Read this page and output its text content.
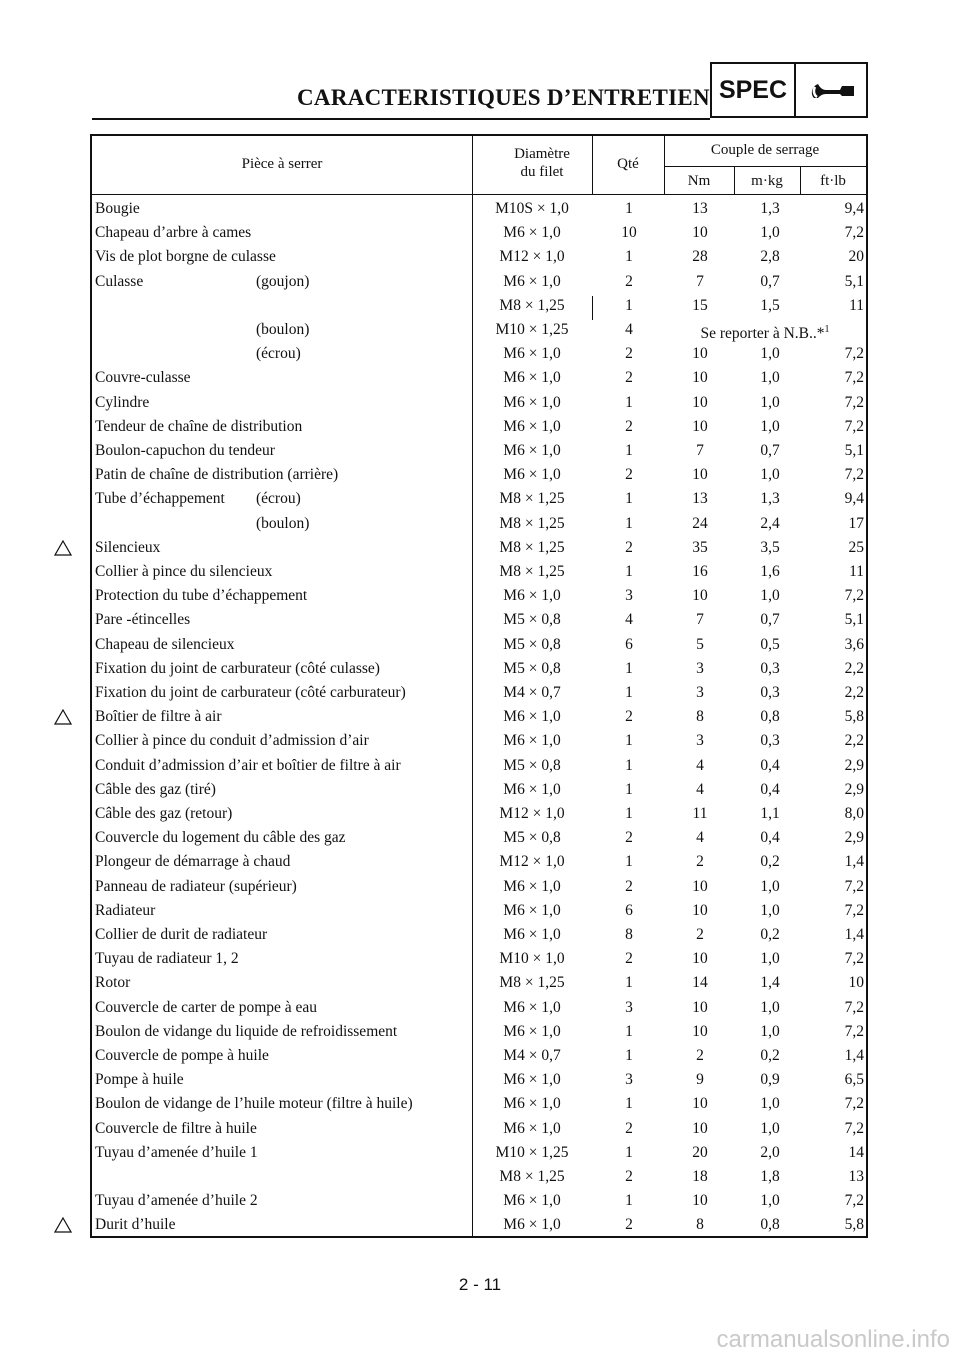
CARACTERISTIQUES D’ENTRETIEN SPEC
Pièce à serrer
Diamètre du filet	Qté
Couple de serrage
Nm	m·kg	ft·lb
Bougie	M10S × 1,0	1	13	1,3	9,4
Chapeau d’arbre à cames	M6 × 1,0	10	10	1,0	7,2
Vis de plot borgne de culasse	M12 × 1,0	1	28	2,8	20
Culasse	(goujon)	M6 × 1,0	2	7	0,7	5,1
M8 × 1,25	1	15	1,5	11
(boulon)	M10 × 1,25	4	Se reporter à N.B..*$^1$
(écrou)	M6 × 1,0	2	10	1,0	7,2
Couvre-culasse	M6 × 1,0	2	10	1,0	7,2
Cylindre	M6 × 1,0	1	10	1,0	7,2
Tendeur de chaîne de distribution	M6 × 1,0	2	10	1,0	7,2
Boulon-capuchon du tendeur	M6 × 1,0	1	7	0,7	5,1
Patin de chaîne de distribution (arrière)	M6 × 1,0	2	10	1,0	7,2
Tube d’échappement (écrou)	M8 × 1,25	1	13	1,3	9,4
(boulon)	M8 × 1,25	1	24	2,4	17
Silencieux	M8 × 1,25	2	35	3,5	25
Collier à pince du silencieux	M8 × 1,25	1	16	1,6	11
Protection du tube d’échappement	M6 × 1,0	3	10	1,0	7,2
Pare -étincelles	M5 × 0,8	4	7	0,7	5,1
Chapeau de silencieux	M5 × 0,8	6	5	0,5	3,6
Fixation du joint de carburateur (côté culasse)	M5 × 0,8	1	3	0,3	2,2
Fixation du joint de carburateur (côté carburateur)	M4 × 0,7	1	3	0,3	2,2
Boîtier de filtre à air	M6 × 1,0	2	8	0,8	5,8
Collier à pince du conduit d’admission d’air	M6 × 1,0	1	3	0,3	2,2
Conduit d’admission d’air et boîtier de filtre à air	M5 × 0,8	1	4	0,4	2,9
Câble des gaz (tiré)	M6 × 1,0	1	4	0,4	2,9
Câble des gaz (retour)	M12 × 1,0	1	11	1,1	8,0
Couvercle du logement du câble des gaz	M5 × 0,8	2	4	0,4	2,9
Plongeur de démarrage à chaud	M12 × 1,0	1	2	0,2	1,4
Panneau de radiateur (supérieur)	M6 × 1,0	2	10	1,0	7,2
Radiateur	M6 × 1,0	6	10	1,0	7,2
Collier de durit de radiateur	M6 × 1,0	8	2	0,2	1,4
Tuyau de radiateur 1, 2	M10 × 1,0	2	10	1,0	7,2
Rotor	M8 × 1,25	1	14	1,4	10
Couvercle de carter de pompe à eau	M6 × 1,0	3	10	1,0	7,2
Boulon de vidange du liquide de refroidissement	M6 × 1,0	1	10	1,0	7,2
Couvercle de pompe à huile	M4 × 0,7	1	2	0,2	1,4
Pompe à huile	M6 × 1,0	3	9	0,9	6,5
Boulon de vidange de l’huile moteur (filtre à huile)	M6 × 1,0	1	10	1,0	7,2
Couvercle de filtre à huile	M6 × 1,0	2	10	1,0	7,2
Tuyau d’amenée d’huile 1	M10 × 1,25	1	20	2,0	14
M8 × 1,25	2	18	1,8	13
Tuyau d’amenée d’huile 2	M6 × 1,0	1	10	1,0	7,2
Durit d’huile	M6 × 1,0	2	8	0,8	5,8
2 - 11
carmanualsonline.info
